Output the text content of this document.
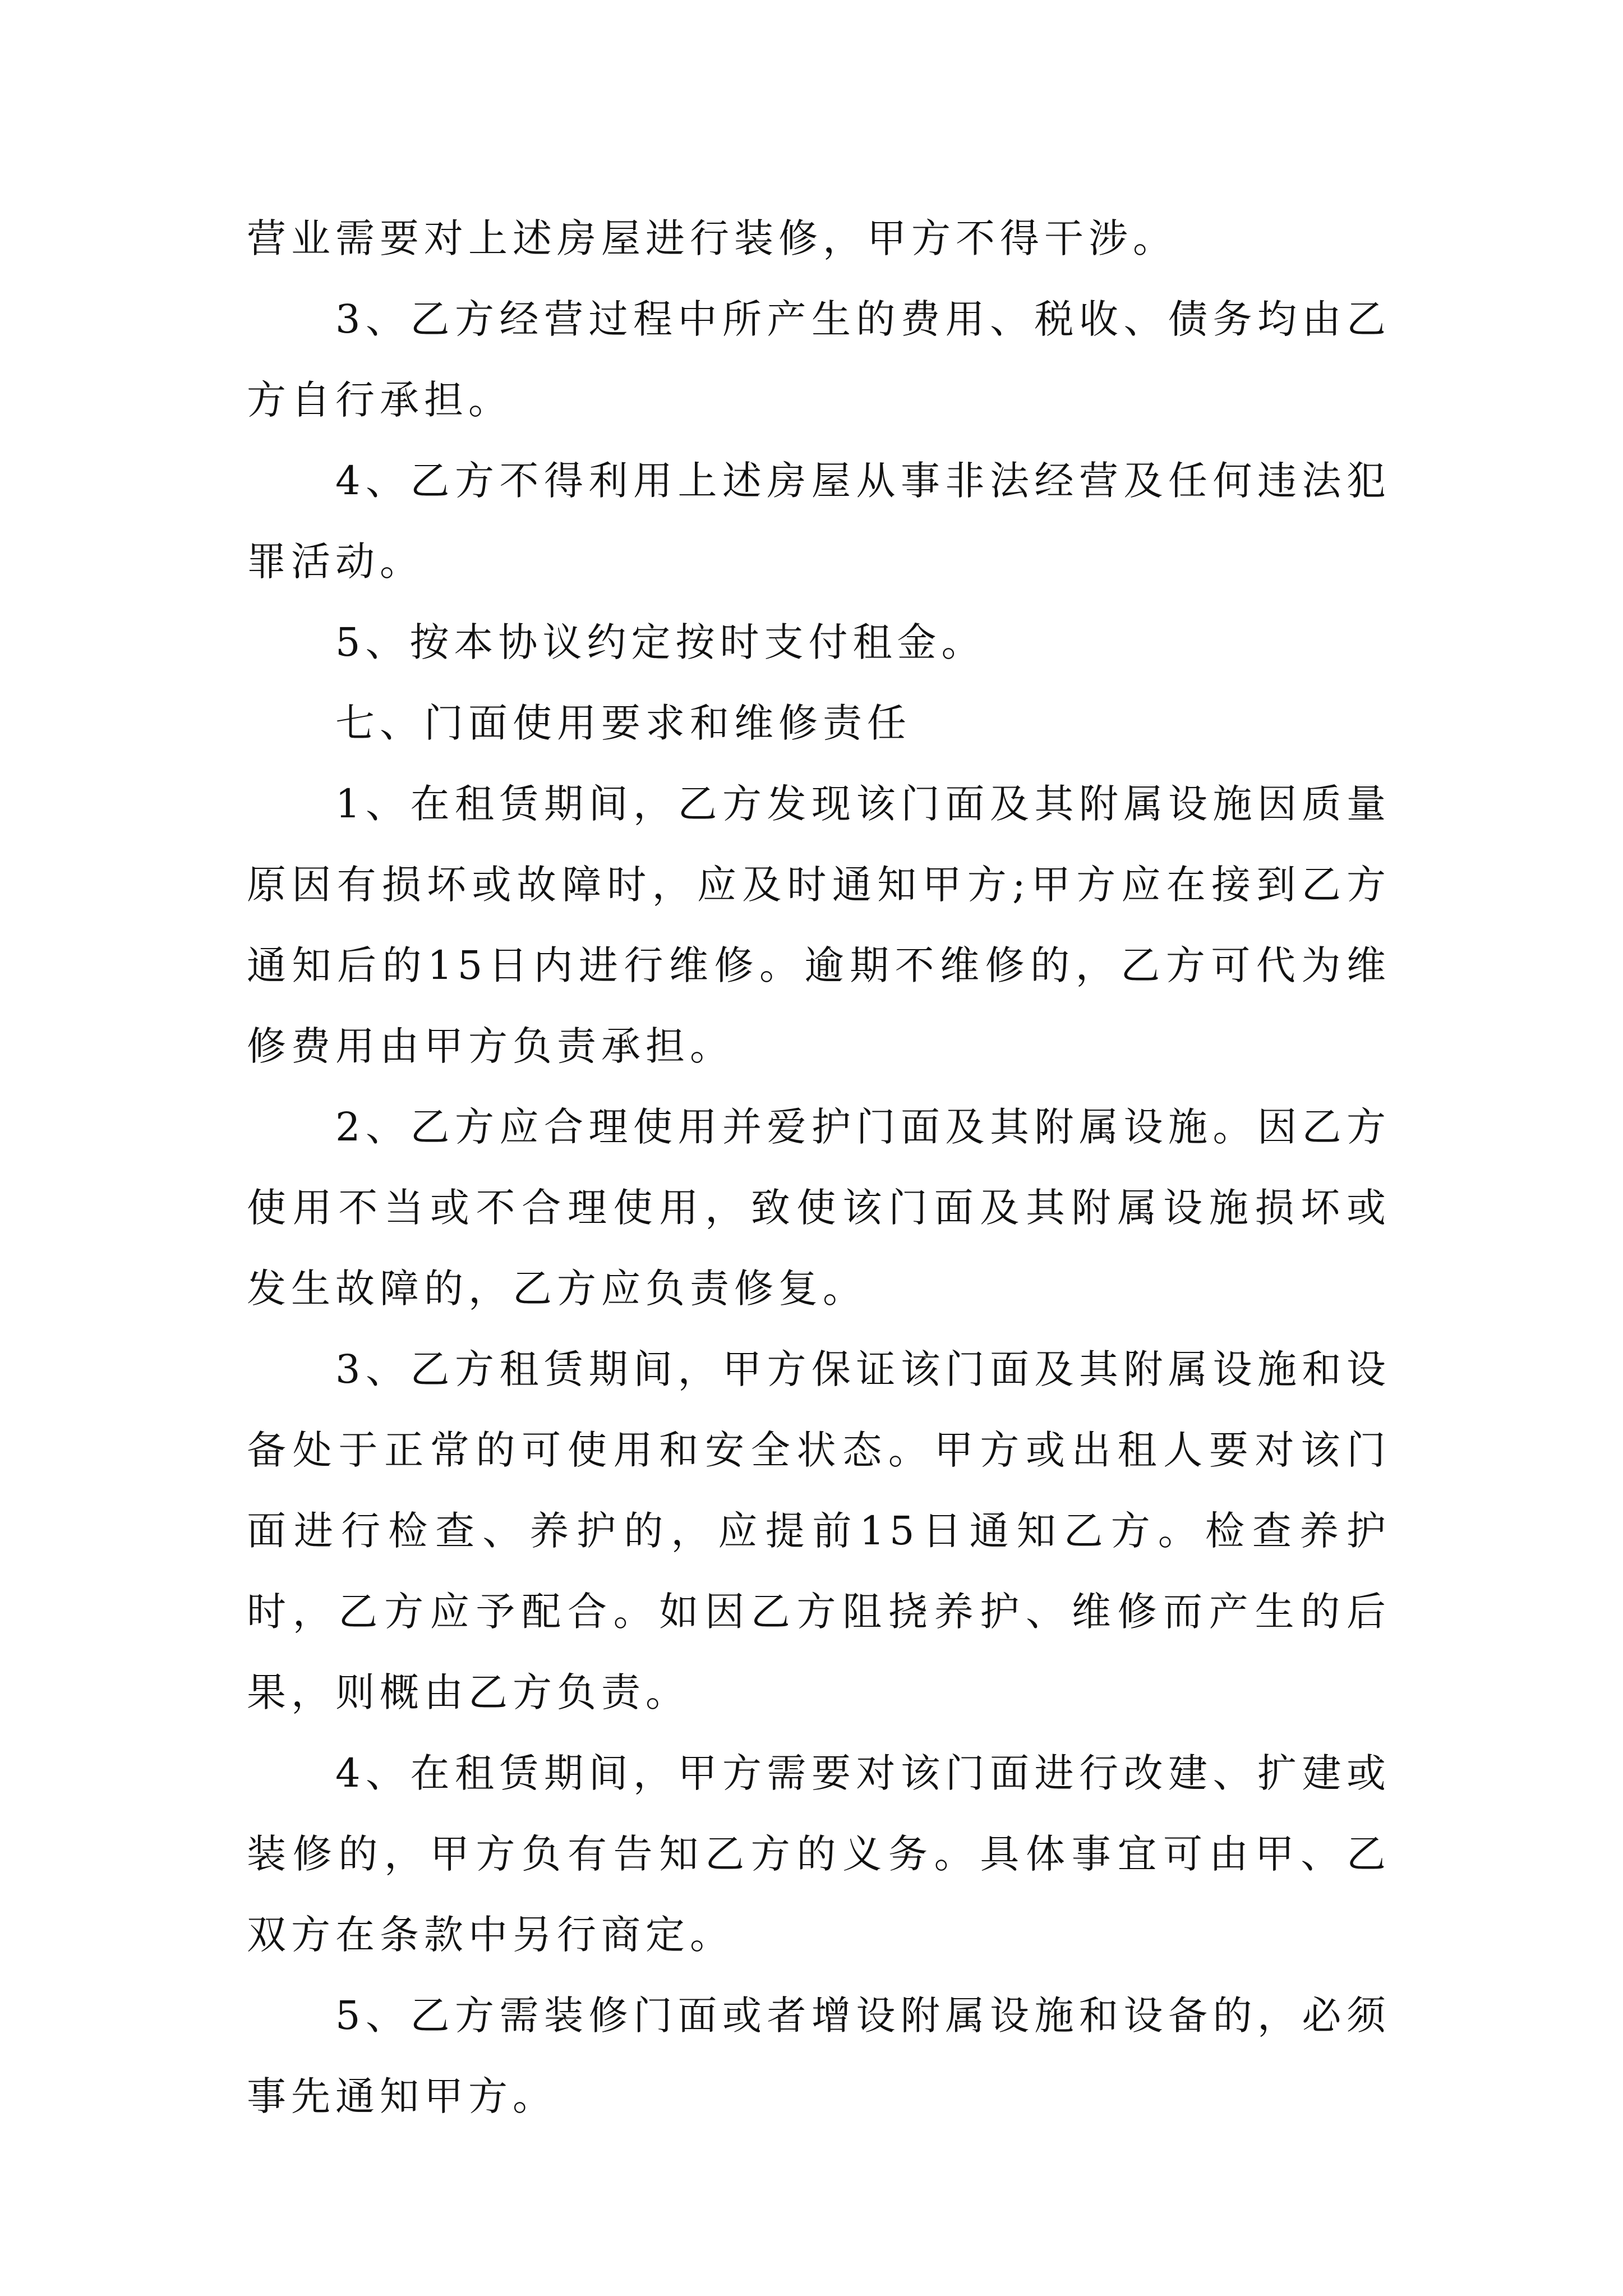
营业需要对上述房屋进行装修，甲方不得干涉。

3、乙方经营过程中所产生的费用、税收、债务均由乙方自行承担。

4、乙方不得利用上述房屋从事非法经营及任何违法犯罪活动。

5、按本协议约定按时支付租金。

七、门面使用要求和维修责任

1、在租赁期间，乙方发现该门面及其附属设施因质量原因有损坏或故障时，应及时通知甲方;甲方应在接到乙方通知后的15日内进行维修。逾期不维修的，乙方可代为维修费用由甲方负责承担。

2、乙方应合理使用并爱护门面及其附属设施。因乙方使用不当或不合理使用，致使该门面及其附属设施损坏或发生故障的，乙方应负责修复。

3、乙方租赁期间，甲方保证该门面及其附属设施和设备处于正常的可使用和安全状态。甲方或出租人要对该门面进行检查、养护的，应提前15日通知乙方。检查养护时，乙方应予配合。如因乙方阻挠养护、维修而产生的后果，则概由乙方负责。

4、在租赁期间，甲方需要对该门面进行改建、扩建或装修的，甲方负有告知乙方的义务。具体事宜可由甲、乙双方在条款中另行商定。

5、乙方需装修门面或者增设附属设施和设备的，必须事先通知甲方。
